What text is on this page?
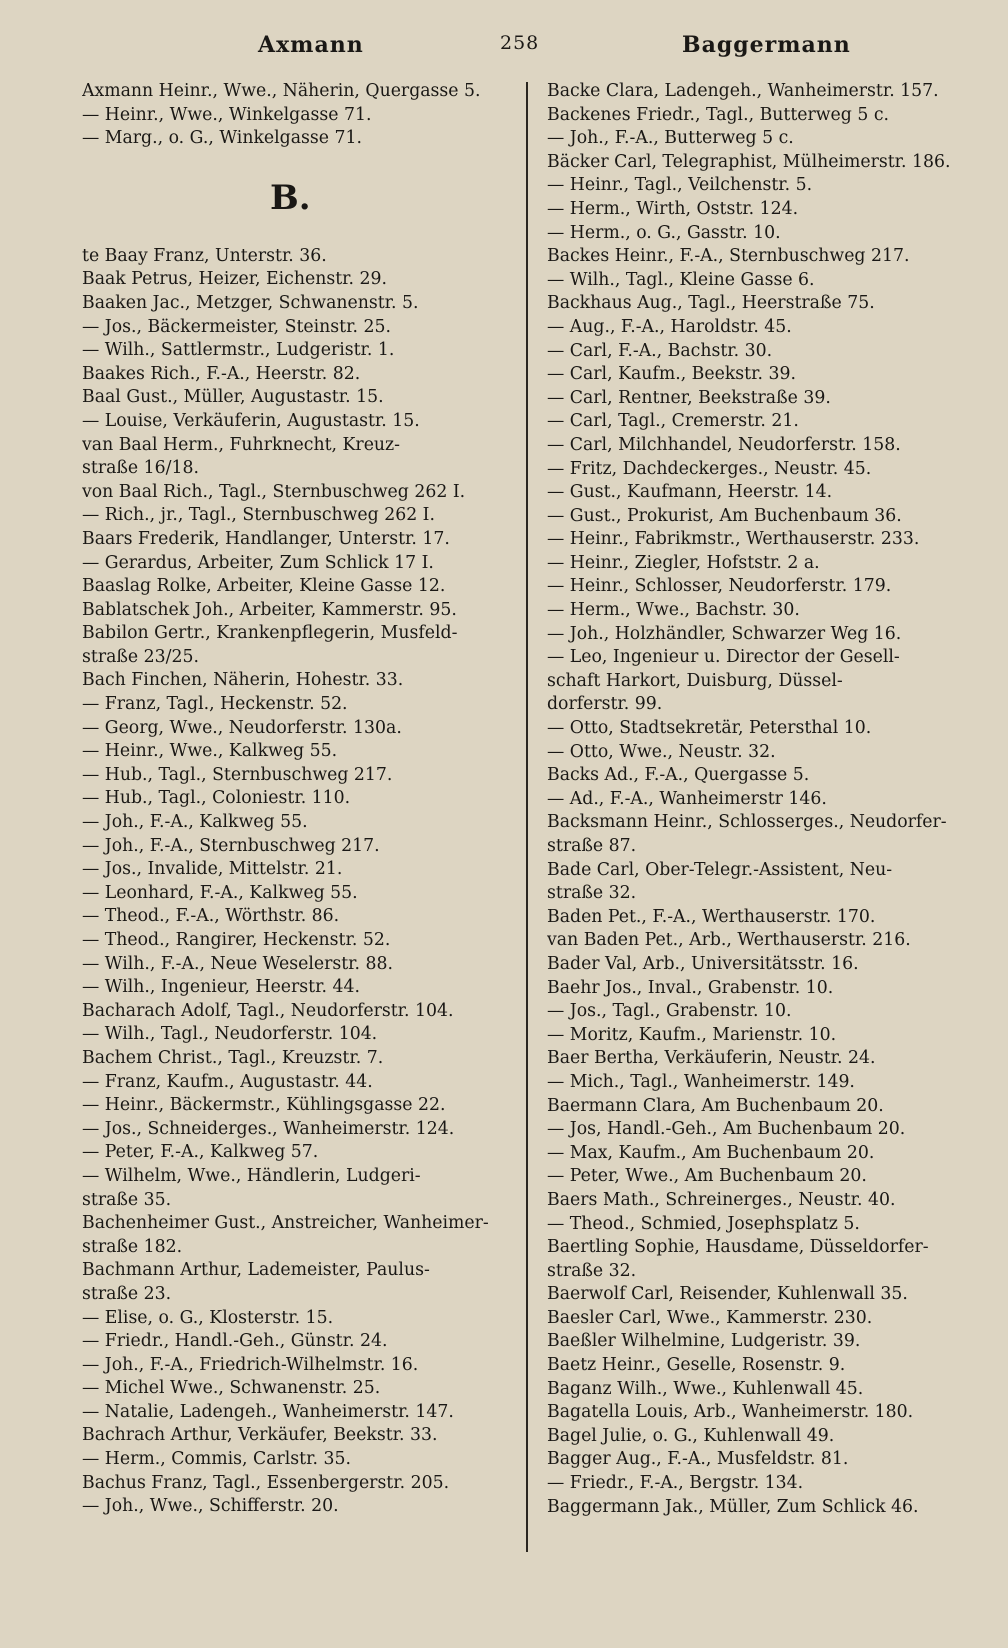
Axmann	258	Baggermann
Axmann Heinr., Wwe., Näherin, Quergasse 5.
— Heinr., Wwe., Winkelgasse 71.
— Marg., o. G., Winkelgasse 71.
B.
te Baay Franz, Unterstr. 36.
Baak Petrus, Heizer, Eichenstr. 29.
Baaken Jac., Metzger, Schwanenstr. 5.
— Jos., Bäckermeister, Steinstr. 25.
— Wilh., Sattlermstr., Ludgeristr. 1.
Baakes Rich., F.-A., Heerstr. 82.
Baal Gust., Müller, Augustastr. 15.
— Louise, Verkäuferin, Augustastr. 15.
van Baal Herm., Fuhrknecht, Kreuz-
straße 16/18.
von Baal Rich., Tagl., Sternbuschweg 262 I.
— Rich., jr., Tagl., Sternbuschweg 262 I.
Baars Frederik, Handlanger, Unterstr. 17.
— Gerardus, Arbeiter, Zum Schlick 17 I.
Baaslag Rolke, Arbeiter, Kleine Gasse 12.
Bablatschek Joh., Arbeiter, Kammerstr. 95.
Babilon Gertr., Krankenpflegerin, Musfeld-
straße 23/25.
Bach Finchen, Näherin, Hohestr. 33.
— Franz, Tagl., Heckenstr. 52.
— Georg, Wwe., Neudorferstr. 130a.
— Heinr., Wwe., Kalkweg 55.
— Hub., Tagl., Sternbuschweg 217.
— Hub., Tagl., Coloniestr. 110.
— Joh., F.-A., Kalkweg 55.
— Joh., F.-A., Sternbuschweg 217.
— Jos., Invalide, Mittelstr. 21.
— Leonhard, F.-A., Kalkweg 55.
— Theod., F.-A., Wörthstr. 86.
— Theod., Rangirer, Heckenstr. 52.
— Wilh., F.-A., Neue Weselerstr. 88.
— Wilh., Ingenieur, Heerstr. 44.
Bacharach Adolf, Tagl., Neudorferstr. 104.
— Wilh., Tagl., Neudorferstr. 104.
Bachem Christ., Tagl., Kreuzstr. 7.
— Franz, Kaufm., Augustastr. 44.
— Heinr., Bäckermstr., Kühlingsgasse 22.
— Jos., Schneiderges., Wanheimerstr. 124.
— Peter, F.-A., Kalkweg 57.
— Wilhelm, Wwe., Händlerin, Ludgeri-
straße 35.
Bachenheimer Gust., Anstreicher, Wanheimer-
straße 182.
Bachmann Arthur, Lademeister, Paulus-
straße 23.
— Elise, o. G., Klosterstr. 15.
— Friedr., Handl.-Geh., Günstr. 24.
— Joh., F.-A., Friedrich-Wilhelmstr. 16.
— Michel Wwe., Schwanenstr. 25.
— Natalie, Ladengeh., Wanheimerstr. 147.
Bachrach Arthur, Verkäufer, Beekstr. 33.
— Herm., Commis, Carlstr. 35.
Bachus Franz, Tagl., Essenbergerstr. 205.
— Joh., Wwe., Schifferstr. 20.
Backe Clara, Ladengeh., Wanheimerstr. 157.
Backenes Friedr., Tagl., Butterweg 5 c.
— Joh., F.-A., Butterweg 5 c.
Bäcker Carl, Telegraphist, Mülheimerstr. 186.
— Heinr., Tagl., Veilchenstr. 5.
— Herm., Wirth, Oststr. 124.
— Herm., o. G., Gasstr. 10.
Backes Heinr., F.-A., Sternbuschweg 217.
— Wilh., Tagl., Kleine Gasse 6.
Backhaus Aug., Tagl., Heerstraße 75.
— Aug., F.-A., Haroldstr. 45.
— Carl, F.-A., Bachstr. 30.
— Carl, Kaufm., Beekstr. 39.
— Carl, Rentner, Beekstraße 39.
— Carl, Tagl., Cremerstr. 21.
— Carl, Milchhandel, Neudorferstr. 158.
— Fritz, Dachdeckerges., Neustr. 45.
— Gust., Kaufmann, Heerstr. 14.
— Gust., Prokurist, Am Buchenbaum 36.
— Heinr., Fabrikmstr., Werthauserstr. 233.
— Heinr., Ziegler, Hofststr. 2 a.
— Heinr., Schlosser, Neudorferstr. 179.
— Herm., Wwe., Bachstr. 30.
— Joh., Holzhändler, Schwarzer Weg 16.
— Leo, Ingenieur u. Director der Gesell-
schaft Harkort, Duisburg, Düssel-
dorferstr. 99.
— Otto, Stadtsekretär, Petersthal 10.
— Otto, Wwe., Neustr. 32.
Backs Ad., F.-A., Quergasse 5.
— Ad., F.-A., Wanheimerstr 146.
Backsmann Heinr., Schlosserges., Neudorfer-
straße 87.
Bade Carl, Ober-Telegr.-Assistent, Neu-
straße 32.
Baden Pet., F.-A., Werthauserstr. 170.
van Baden Pet., Arb., Werthauserstr. 216.
Bader Val, Arb., Universitätsstr. 16.
Baehr Jos., Inval., Grabenstr. 10.
— Jos., Tagl., Grabenstr. 10.
— Moritz, Kaufm., Marienstr. 10.
Baer Bertha, Verkäuferin, Neustr. 24.
— Mich., Tagl., Wanheimerstr. 149.
Baermann Clara, Am Buchenbaum 20.
— Jos, Handl.-Geh., Am Buchenbaum 20.
— Max, Kaufm., Am Buchenbaum 20.
— Peter, Wwe., Am Buchenbaum 20.
Baers Math., Schreinerges., Neustr. 40.
— Theod., Schmied, Josephsplatz 5.
Baertling Sophie, Hausdame, Düsseldorfer-
straße 32.
Baerwolf Carl, Reisender, Kuhlenwall 35.
Baesler Carl, Wwe., Kammerstr. 230.
Baeßler Wilhelmine, Ludgeristr. 39.
Baetz Heinr., Geselle, Rosenstr. 9.
Baganz Wilh., Wwe., Kuhlenwall 45.
Bagatella Louis, Arb., Wanheimerstr. 180.
Bagel Julie, o. G., Kuhlenwall 49.
Bagger Aug., F.-A., Musfeldstr. 81.
— Friedr., F.-A., Bergstr. 134.
Baggermann Jak., Müller, Zum Schlick 46.
